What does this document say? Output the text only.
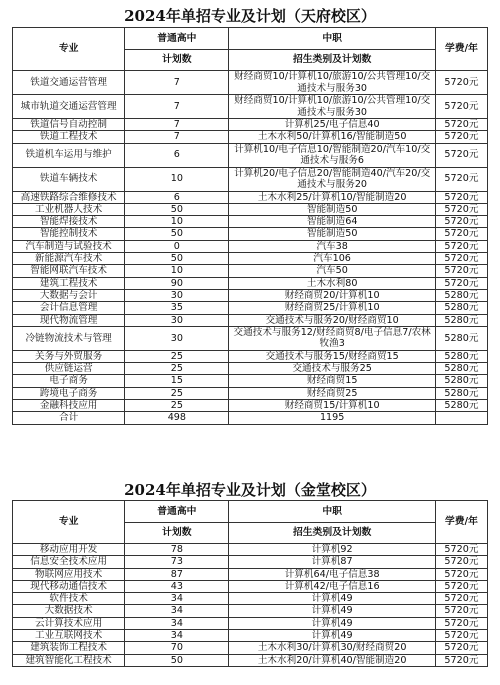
2024年单招专业及计划（天府校区）
专业	普通高中	中职	学费/年
	计划数	招生类别及计划数	
铁道交通运营管理	7	财经商贸10/计算机10/旅游10/公共管理10/交通技术与服务30	5720元
城市轨道交通运营管理	7	财经商贸10/计算机10/旅游10/公共管理10/交通技术与服务30	5720元
铁道信号自动控制	7	计算机25/电子信息40	5720元
铁道工程技术	7	土木水利50/计算机16/智能制造50	5720元
铁道机车运用与维护	6	计算机10/电子信息10/智能制造20/汽车10/交通技术与服务6	5720元
铁道车辆技术	10	计算机20/电子信息20/智能制造40/汽车20/交通技术与服务20	5720元
高速铁路综合维修技术	6	土木水利25/计算机10/智能制造20	5720元
工业机器人技术	50	智能制造50	5720元
智能焊接技术	10	智能制造64	5720元
智能控制技术	50	智能制造50	5720元
汽车制造与试验技术	0	汽车38	5720元
新能源汽车技术	50	汽车106	5720元
智能网联汽车技术	10	汽车50	5720元
建筑工程技术	90	土木水利80	5720元
大数据与会计	30	财经商贸20/计算机10	5280元
会计信息管理	35	财经商贸25/计算机10	5280元
现代物流管理	30	交通技术与服务20/财经商贸10	5280元
冷链物流技术与管理	30	交通技术与服务12/财经商贸8/电子信息7/农林牧渔3	5280元
关务与外贸服务	25	交通技术与服务15/财经商贸15	5280元
供应链运营	25	交通技术与服务25	5280元
电子商务	15	财经商贸15	5280元
跨境电子商务	25	财经商贸25	5280元
金融科技应用	25	财经商贸15/计算机10	5280元
合计	498	1195	
2024年单招专业及计划（金堂校区）
专业	普通高中	中职	学费/年
	计划数	招生类别及计划数	
移动应用开发	78	计算机92	5720元
信息安全技术应用	73	计算机87	5720元
物联网应用技术	87	计算机64/电子信息38	5720元
现代移动通信技术	43	计算机42/电子信息16	5720元
软件技术	34	计算机49	5720元
大数据技术	34	计算机49	5720元
云计算技术应用	34	计算机49	5720元
工业互联网技术	34	计算机49	5720元
建筑装饰工程技术	70	土木水利30/计算机30/财经商贸20	5720元
建筑智能化工程技术	50	土木水利20/计算机40/智能制造20	5720元
